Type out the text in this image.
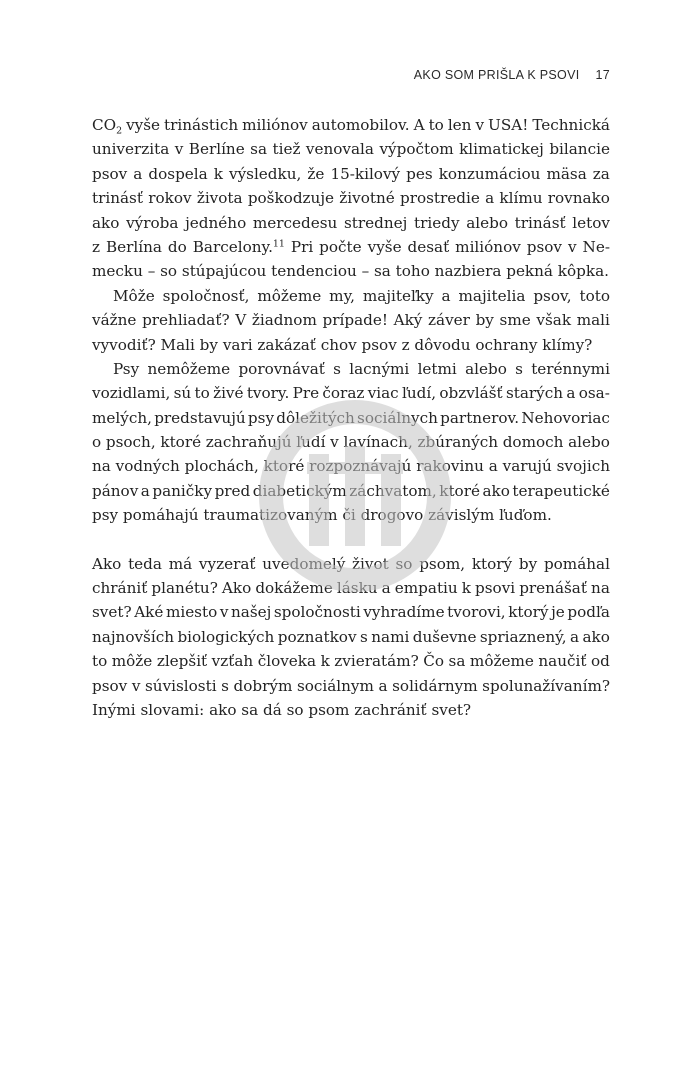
AKO SOM PRIŠLA K PSOVI 17
$CO_2$ vyše trinástich miliónov automobilov. A to len v USA! Technická
univerzita v Berlíne sa tiež venovala výpočtom klimatickej bilancie
psov a dospela k výsledku, že 15-kilový pes konzumáciou mäsa za
trinásť rokov života poškodzuje životné prostredie a klímu rovnako
ako výroba jedného mercedesu strednej triedy alebo trinásť letov
z Berlína do Barcelony.$^{11}$ Pri počte vyše desať miliónov psov v Ne-
mecku – so stúpajúcou tendenciou – sa toho nazbiera pekná kôpka.
Môže spoločnosť, môžeme my, majiteľky a majitelia psov, toto
vážne prehliadať? V žiadnom prípade! Aký záver by sme však mali
vyvodiť? Mali by vari zakázať chov psov z dôvodu ochrany klímy?
Psy nemôžeme porovnávať s lacnými letmi alebo s terénnymi
vozidlami, sú to živé tvory. Pre čoraz viac ľudí, obzvlášť starých a osa-
melých, predstavujú psy dôležitých sociálnych partnerov. Nehovoriac
o psoch, ktoré zachraňujú ľudí v lavínach, zbúraných domoch alebo
na vodných plochách, ktoré rozpoznávajú rakovinu a varujú svojich
pánov a paničky pred diabetickým záchvatom, ktoré ako terapeutické
psy pomáhajú traumatizovaným či drogovo závislým ľuďom.
Ako teda má vyzerať uvedomelý život so psom, ktorý by pomáhal
chrániť planétu? Ako dokážeme lásku a empatiu k psovi prenášať na
svet? Aké miesto v našej spoločnosti vyhradíme tvorovi, ktorý je podľa
najnovších biologických poznatkov s nami duševne spriaznený, a ako
to môže zlepšiť vzťah človeka k zvieratám? Čo sa môžeme naučiť od
psov v súvislosti s dobrým sociálnym a solidárnym spolunažívaním?
Inými slovami: ako sa dá so psom zachrániť svet?
